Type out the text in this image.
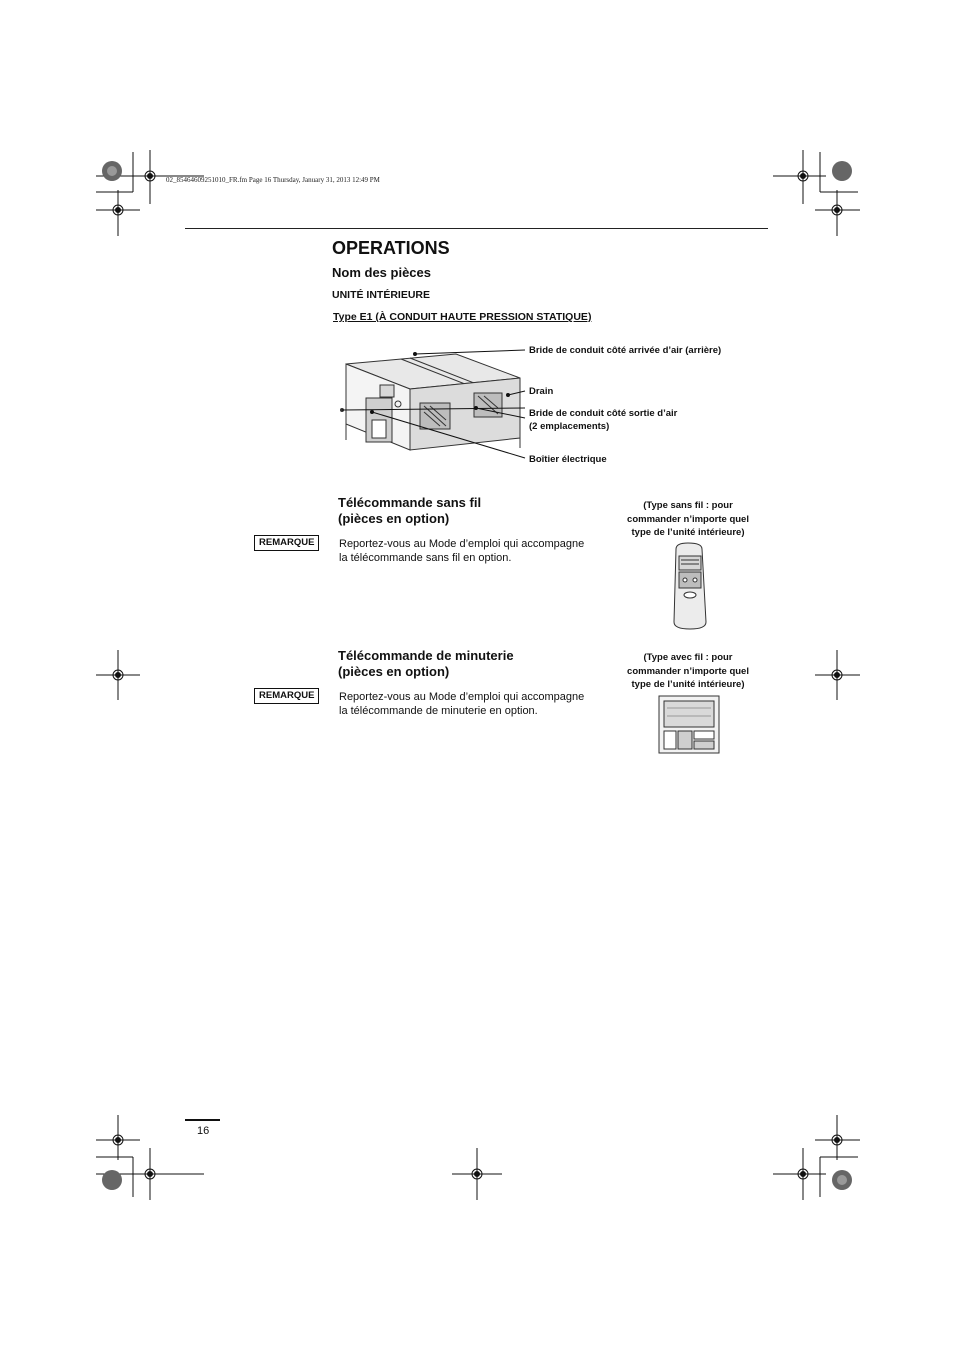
02_85464609251010_FR.fm Page 16 Thursday, January 31, 2013 12:49 PM
OPERATIONS
Nom des pièces
UNITÉ INTÉRIEURE
Type E1 (À CONDUIT HAUTE PRESSION STATIQUE)
Bride de conduit côté arrivée d’air (arrière)
Drain
Bride de conduit côté sortie d’air
(2 emplacements)
Boîtier électrique
Télécommande sans fil
(pièces en option)
REMARQUE	Reportez-vous au Mode d’emploi qui accompagne
la télécommande sans fil en option.
(Type sans fil : pour
commander n’importe quel
type de l’unité intérieure)
Télécommande de minuterie
(pièces en option)
REMARQUE	Reportez-vous au Mode d’emploi qui accompagne
la télécommande de minuterie en option.
(Type avec fil : pour
commander n’importe quel
type de l’unité intérieure)
16
